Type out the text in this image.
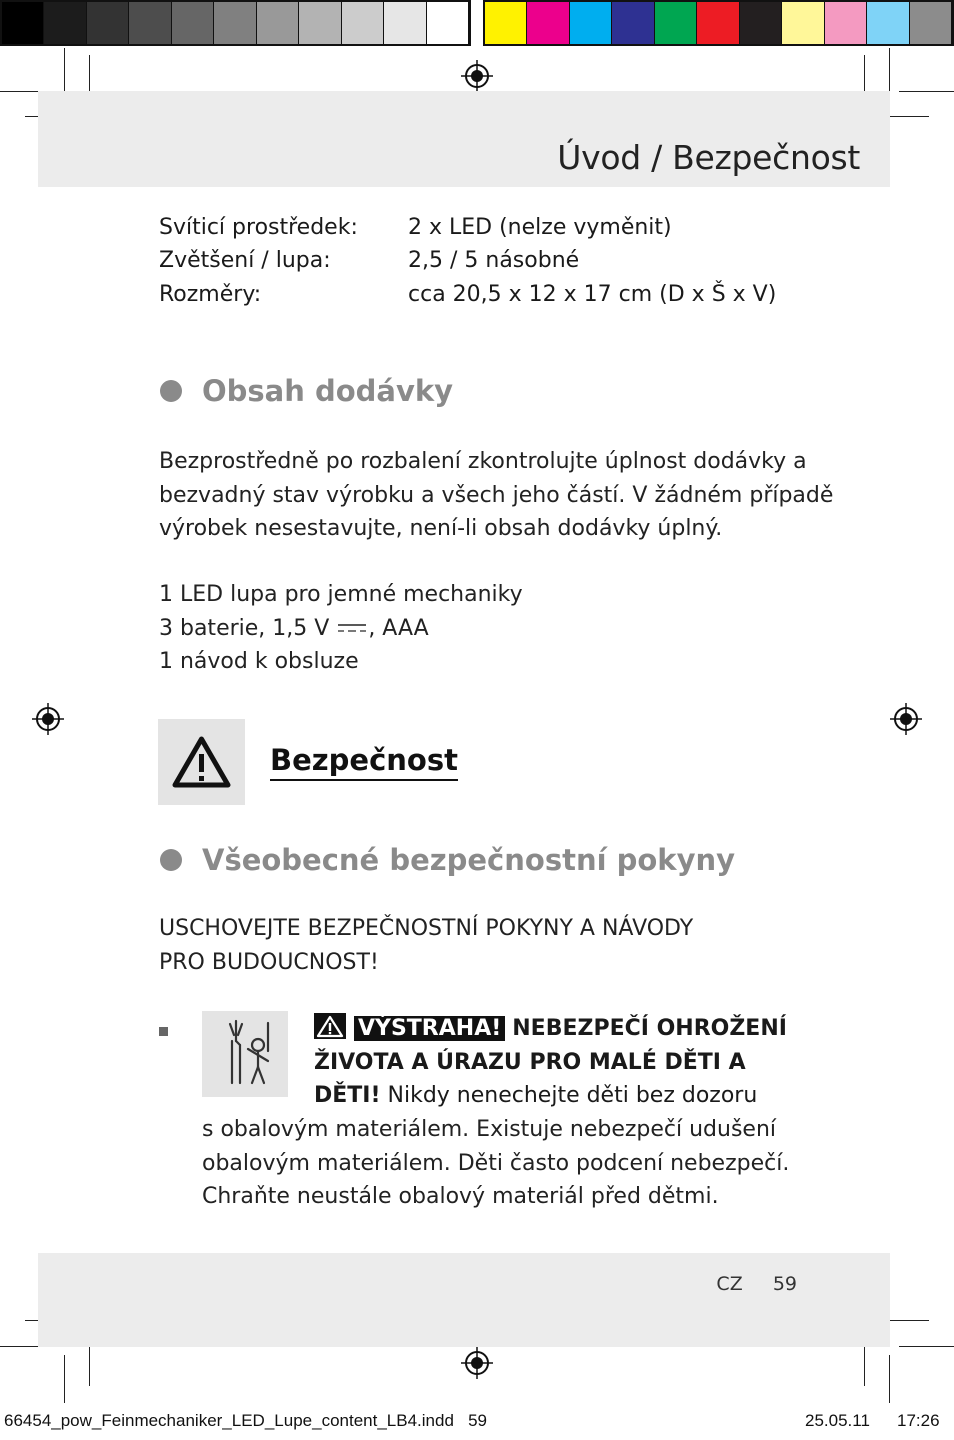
Úvod / Bezpečnost
Svíticí prostředek: 2 x LED (nelze vyměnit)
Zvětšení / lupa:	2,5 / 5 násobné
Rozměry:	cca 20,5 x 12 x 17 cm (D x Š x V)
Obsah dodávky
Bezprostředně po rozbalení zkontrolujte úplnost dodávky a
bezvadný stav výrobku a všech jeho částí. V žádném případě
výrobek nesestavujte, není-li obsah dodávky úplný.
1 LED lupa pro jemné mechaniky
3 baterie, 1,5 V , AAA
1 návod k obsluze
Bezpečnost
Všeobecné bezpečnostní pokyny
USCHOVEJTE BEZPEČNOSTNÍ POKYNY A NÁVODY
PRO BUDOUCNOST!
VÝSTRAHA! NEBEZPEČÍ OHROŽENÍ
ŽIVOTA A ÚRAZU PRO MALÉ DĚTI A
DĚTI! Nikdy nenechejte děti bez dozoru
s obalovým materiálem. Existuje nebezpečí udušení
obalovým materiálem. Děti často podcení nebezpečí.
Chraňte neustále obalový materiál před dětmi.
CZ 59
66454_pow_Feinmechaniker_LED_Lupe_content_LB4.indd   59	25.05.11 17:26
